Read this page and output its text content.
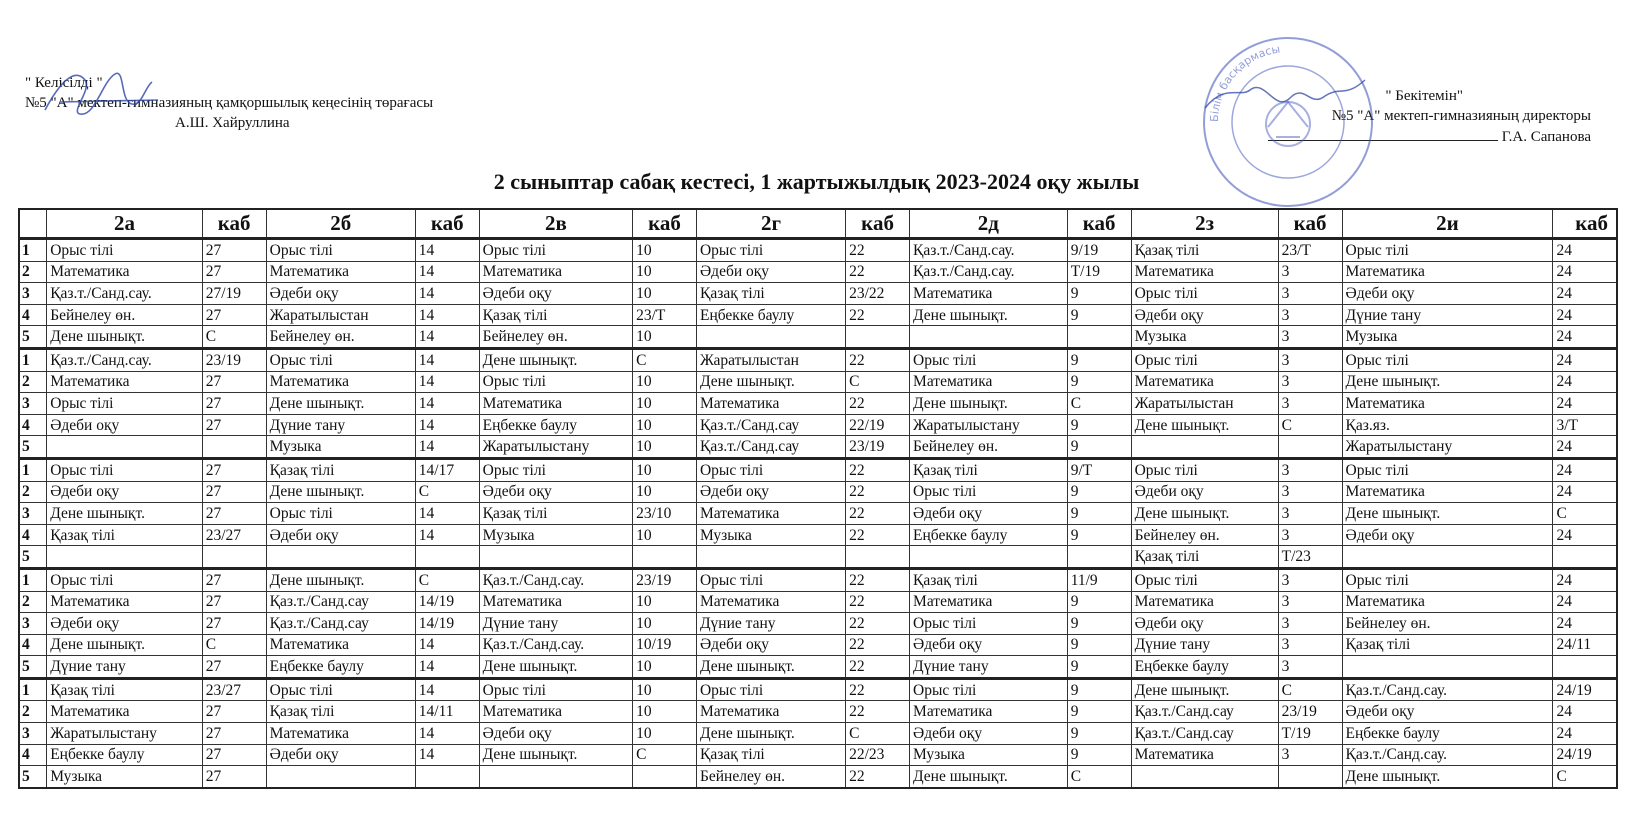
" Келісілді "
№5 "А" мектеп-гимназияның қамқоршылық кеңесінің төрағасы
А.Ш. Хайруллина
" Бекітемін"
№5 "А" мектеп-гимназияның директоры
Г.А. Сапанова
Білім басқармасы
2 сыныптар сабақ кестесі, 1 жартыжылдық 2023-2024 оқу жылы
	2а	каб	2б	каб	2в	каб	2г	каб	2д	каб	2з	каб	2и	каб
1	Орыс тілі	27	Орыс тілі	14	Орыс тілі	10	Орыс тілі	22	Қаз.т./Санд.сау.	9/19	Қазақ тілі	23/Т	Орыс тілі	24
2	Математика	27	Математика	14	Математика	10	Әдеби оқу	22	Қаз.т./Санд.сау.	Т/19	Математика	3	Математика	24
3	Қаз.т./Санд.сау.	27/19	Әдеби оқу	14	Әдеби оқу	10	Қазақ тілі	23/22	Математика	9	Орыс тілі	3	Әдеби оқу	24
4	Бейнелеу өн.	27	Жаратылыстан	14	Қазақ тілі	23/Т	Еңбекке баулу	22	Дене шынықт.	9	Әдеби оқу	3	Дүние тану	24
5	Дене шынықт.	С	Бейнелеу өн.	14	Бейнелеу өн.	10					Музыка	3	Музыка	24
1	Қаз.т./Санд.сау.	23/19	Орыс тілі	14	Дене шынықт.	С	Жаратылыстан	22	Орыс тілі	9	Орыс тілі	3	Орыс тілі	24
2	Математика	27	Математика	14	Орыс тілі	10	Дене шынықт.	С	Математика	9	Математика	3	Дене шынықт.	24
3	Орыс тілі	27	Дене шынықт.	14	Математика	10	Математика	22	Дене шынықт.	С	Жаратылыстан	3	Математика	24
4	Әдеби оқу	27	Дүние тану	14	Еңбекке баулу	10	Қаз.т./Санд.сау	22/19	Жаратылыстану	9	Дене шынықт.	С	Қаз.яз.	3/Т
5			Музыка	14	Жаратылыстану	10	Қаз.т./Санд.сау	23/19	Бейнелеу өн.	9			Жаратылыстану	24
1	Орыс тілі	27	Қазақ тілі	14/17	Орыс тілі	10	Орыс тілі	22	Қазақ тілі	9/Т	Орыс тілі	3	Орыс тілі	24
2	Әдеби оқу	27	Дене шынықт.	С	Әдеби оқу	10	Әдеби оқу	22	Орыс тілі	9	Әдеби оқу	3	Математика	24
3	Дене шынықт.	27	Орыс тілі	14	Қазақ тілі	23/10	Математика	22	Әдеби оқу	9	Дене шынықт.	3	Дене шынықт.	С
4	Қазақ тілі	23/27	Әдеби оқу	14	Музыка	10	Музыка	22	Еңбекке баулу	9	Бейнелеу өн.	3	Әдеби оқу	24
5											Қазақ тілі	Т/23		
1	Орыс тілі	27	Дене шынықт.	С	Қаз.т./Санд.сау.	23/19	Орыс тілі	22	Қазақ тілі	11/9	Орыс тілі	3	Орыс тілі	24
2	Математика	27	Қаз.т./Санд.сау	14/19	Математика	10	Математика	22	Математика	9	Математика	3	Математика	24
3	Әдеби оқу	27	Қаз.т./Санд.сау	14/19	Дүние тану	10	Дүние тану	22	Орыс тілі	9	Әдеби оқу	3	Бейнелеу өн.	24
4	Дене шынықт.	С	Математика	14	Қаз.т./Санд.сау.	10/19	Әдеби оқу	22	Әдеби оқу	9	Дүние тану	3	Қазақ тілі	24/11
5	Дүние тану	27	Еңбекке баулу	14	Дене шынықт.	10	Дене шынықт.	22	Дүние тану	9	Еңбекке баулу	3		
1	Қазақ тілі	23/27	Орыс тілі	14	Орыс тілі	10	Орыс тілі	22	Орыс тілі	9	Дене шынықт.	С	Қаз.т./Санд.сау.	24/19
2	Математика	27	Қазақ тілі	14/11	Математика	10	Математика	22	Математика	9	Қаз.т./Санд.сау	23/19	Әдеби оқу	24
3	Жаратылыстану	27	Математика	14	Әдеби оқу	10	Дене шынықт.	С	Әдеби оқу	9	Қаз.т./Санд.сау	Т/19	Еңбекке баулу	24
4	Еңбекке баулу	27	Әдеби оқу	14	Дене шынықт.	С	Қазақ тілі	22/23	Музыка	9	Математика	3	Қаз.т./Санд.сау.	24/19
5	Музыка	27					Бейнелеу өн.	22	Дене шынықт.	С			Дене шынықт.	С
